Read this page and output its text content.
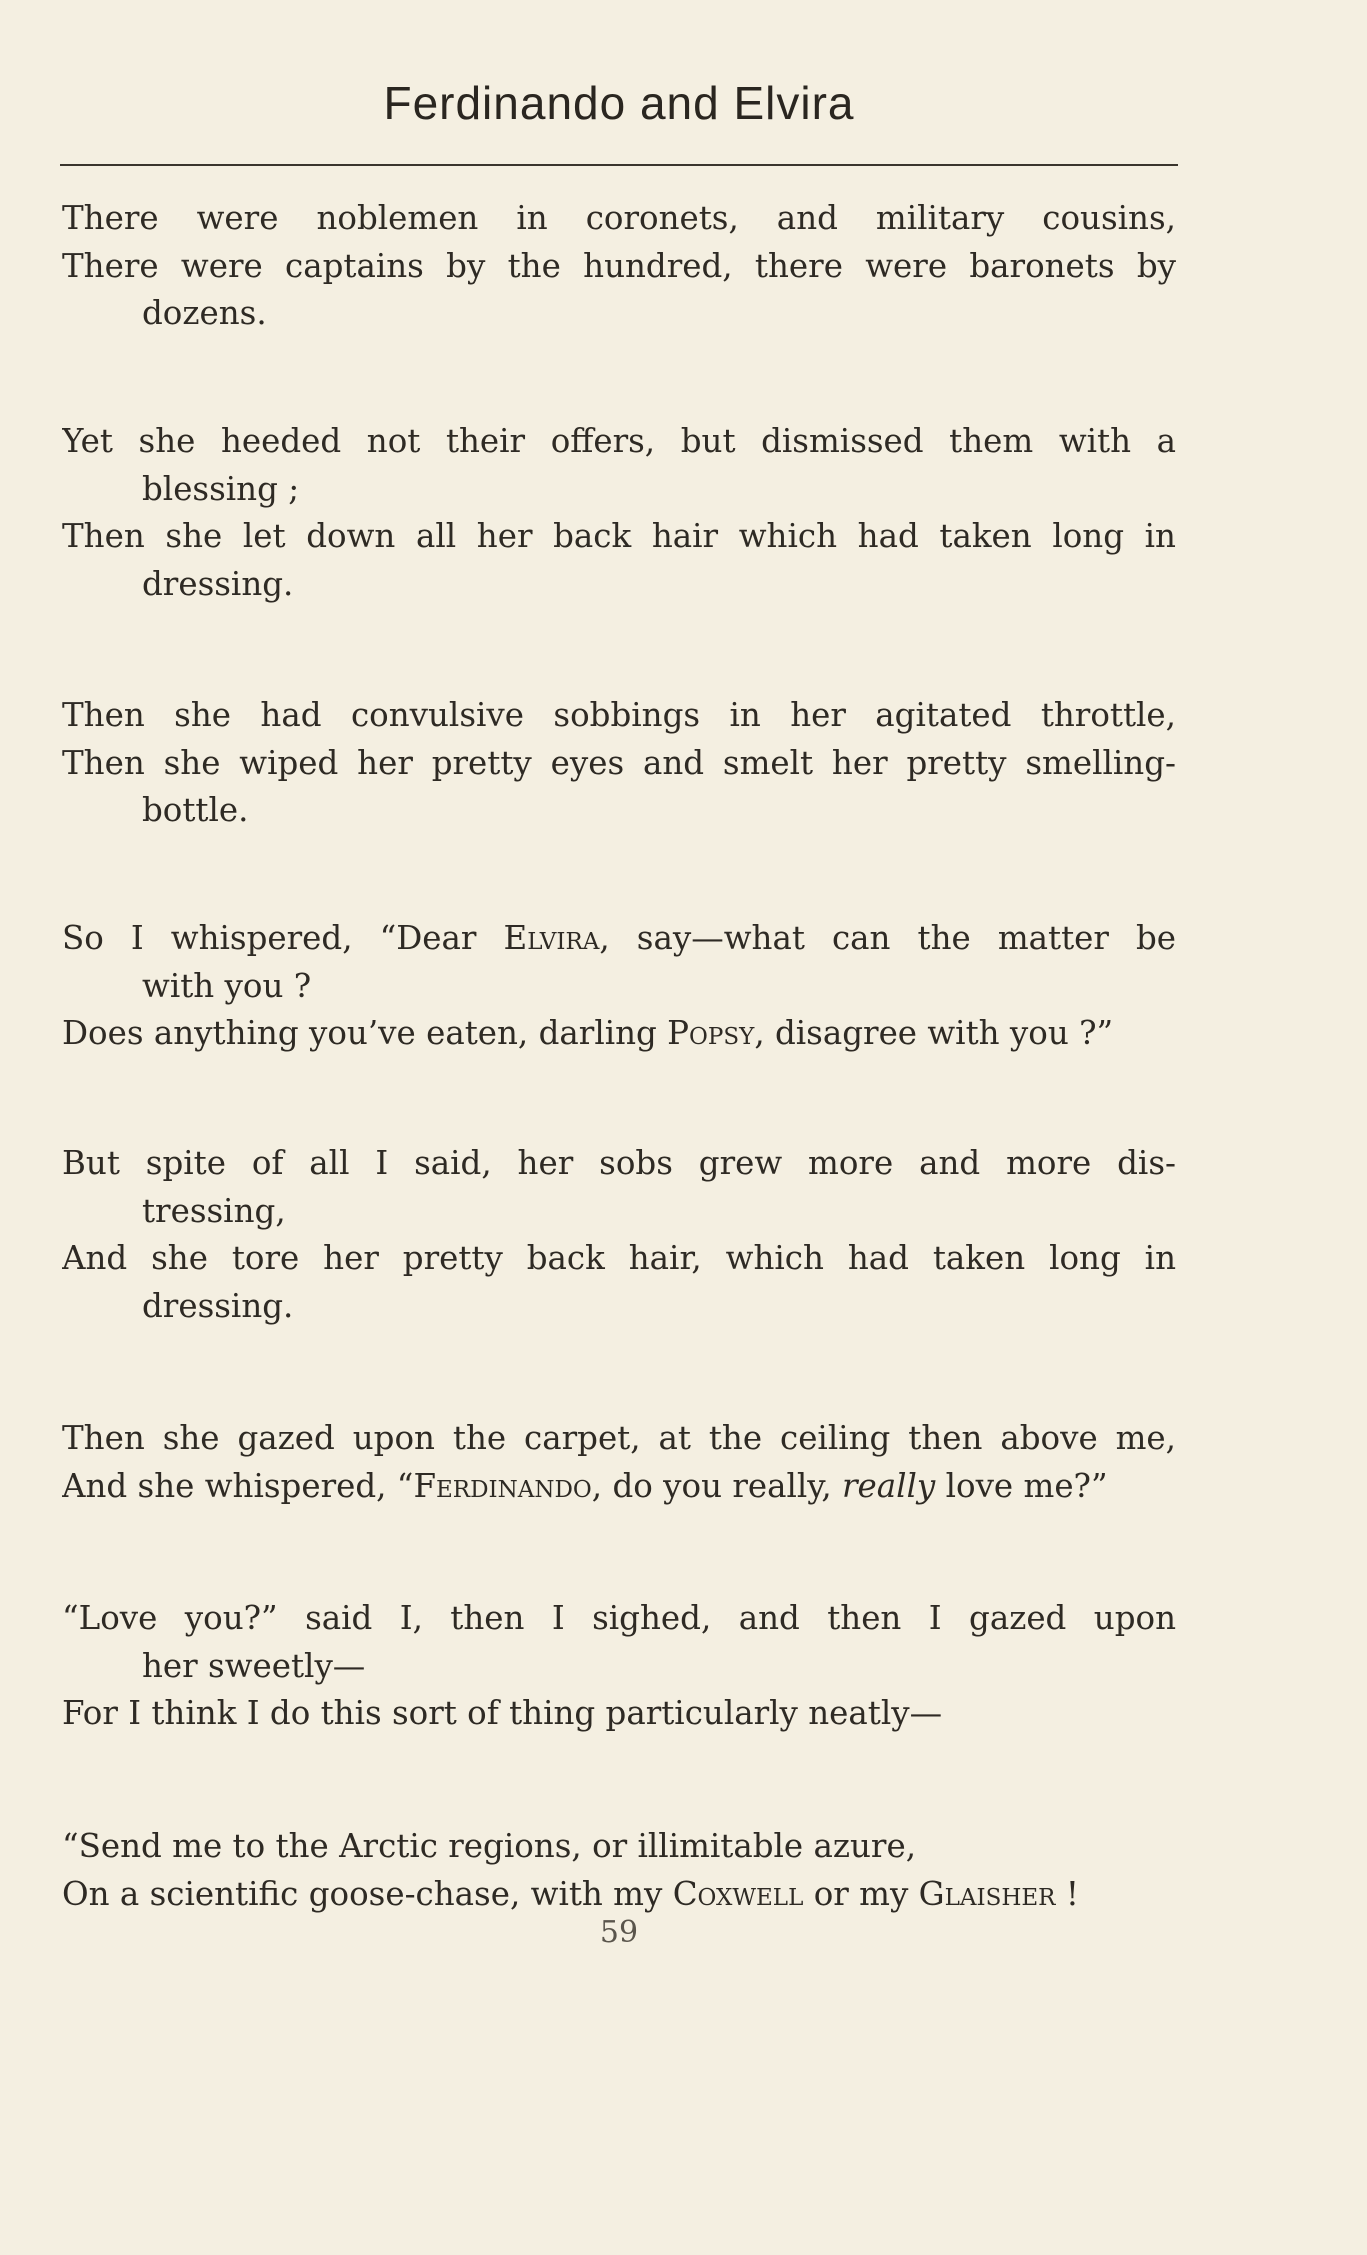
Ferdinando and Elvira
There were noblemen in coronets, and military cousins,
There were captains by the hundred, there were baronets by
dozens.
Yet she heeded not their offers, but dismissed them with a
blessing ;
Then she let down all her back hair which had taken long in
dressing.
Then she had convulsive sobbings in her agitated throttle,
Then she wiped her pretty eyes and smelt her pretty smelling-
bottle.
So I whispered, “Dear Elvira, say—what can the matter be
with you ?
Does anything you’ve eaten, darling Popsy, disagree with you ?”
But spite of all I said, her sobs grew more and more dis-
tressing,
And she tore her pretty back hair, which had taken long in
dressing.
Then she gazed upon the carpet, at the ceiling then above me,
And she whispered, “Ferdinando, do you really, really love me?”
“Love you?” said I, then I sighed, and then I gazed upon
her sweetly—
For I think I do this sort of thing particularly neatly—
“Send me to the Arctic regions, or illimitable azure,
On a scientific goose-chase, with my Coxwell or my Glaisher !
59
